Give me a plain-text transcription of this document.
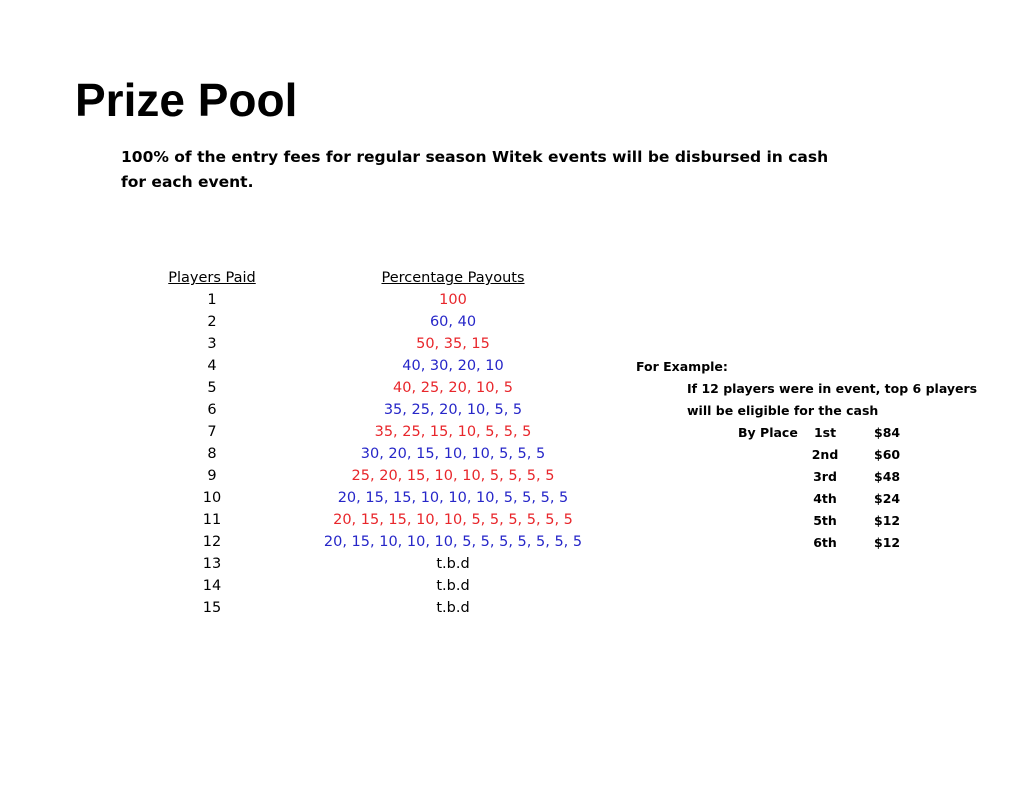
Prize Pool
100% of the entry fees for regular season Witek events will be disbursed in cash
for each event.
Players Paid	Percentage Payouts
1	100
2	60, 40
3	50, 35, 15
4	40, 30, 20, 10
5	40, 25, 20, 10, 5
6	35, 25, 20, 10, 5, 5
7	35, 25, 15, 10, 5, 5, 5
8	30, 20, 15, 10, 10, 5, 5, 5
9	25, 20, 15, 10, 10, 5, 5, 5, 5
10	20, 15, 15, 10, 10, 10, 5, 5, 5, 5
11	20, 15, 15, 10, 10, 5, 5, 5, 5, 5, 5
12	20, 15, 10, 10, 10, 5, 5, 5, 5, 5, 5, 5
13	t.b.d
14	t.b.d
15	t.b.d
For Example:
If 12 players were in event, top 6 players
will be eligible for the cash
By Place	1st	$84
2nd	$60
3rd	$48
4th	$24
5th	$12
6th	$12
